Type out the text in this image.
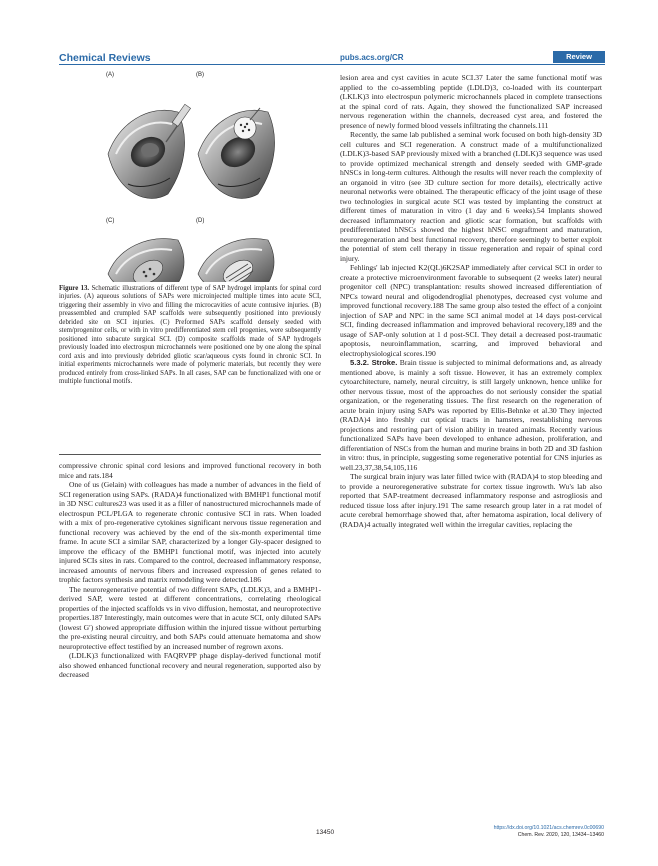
Chemical Reviews	pubs.acs.org/CR	Review
(A)	(B)
(C)	(D)
Figure 13. Schematic illustrations of different type of SAP hydrogel implants for spinal cord injuries. (A) aqueous solutions of SAPs were microinjected multiple times into acute SCI, triggering their assembly in vivo and filling the microcavities of acute contusive injuries. (B) preassembled and crumpled SAP scaffolds were subsequently positioned into previously debrided site on SCI injuries. (C) Preformed SAPs scaffold densely seeded with stem/progenitor cells, or with in vitro predifferentiated stem cell progenies, were subsequently positioned into subacute surgical SCI. (D) composite scaffolds made of SAP hydrogels previously loaded into electrospun microchannels were positioned one by one along the spinal cord axis and into previously debrided gliotic scar/aqueous cysts found in chronic SCI. In initial experiments microchannels were made of polymeric materials, but recently they were produced entirely from cross-linked SAPs. In all cases, SAP can be functionalized with one or multiple functional motifs.

compressive chronic spinal cord lesions and improved functional recovery in both mice and rats.184

One of us (Gelain) with colleagues has made a number of advances in the field of SCI regeneration using SAPs. (RADA)4 functionalized with BMHP1 functional motif in 3D NSC cultures23 was used it as a filler of nanostructured microchannels made of electrospun PCL/PLGA to regenerate chronic contusive SCI in rats. When loaded with a mix of pro-regenerative cytokines significant nervous tissue regeneration and functional recovery was achieved by the end of the six-month experimental time frame. In acute SCI a similar SAP, characterized by a longer Gly-spacer designed to improve the efficacy of the BMHP1 functional motif, was injected into acutely injured SCIs sites in rats. Compared to the control, decreased inflammatory response, increased amounts of nervous fibers and increased expression of genes related to trophic factors synthesis and matrix remodeling were detected.186

The neuroregenerative potential of two different SAPs, (LDLK)3, and a BMHP1-derived SAP, were tested at different concentrations, correlating rheological properties of the injected scaffolds vs in vivo diffusion, hemostat, and neuroprotective properties.187 Interestingly, main outcomes were that in acute SCI, only diluted SAPs (lowest G′) showed appropriate diffusion within the injured tissue without perturbing the pre-existing neural circuitry, and both SAPs could attenuate hematoma and show neuroprotective effect testified by an increased number of regrown axons.

(LDLK)3 functionalized with FAQRVPP phage display-derived functional motif also showed enhanced functional recovery and neural regeneration, supported also by decreased

lesion area and cyst cavities in acute SCI.37 Later the same functional motif was applied to the co-assembling peptide (LDLD)3, co-loaded with its counterpart (LKLK)3 into electrospun polymeric microchannels placed in complete transections at the spinal cord of rats. Again, they showed the functionalized SAP increased nervous regeneration within the channels, decreased cyst area, and fostered the presence of newly formed blood vessels infiltrating the channels.111

Recently, the same lab published a seminal work focused on both high-density 3D cell cultures and SCI regeneration. A construct made of a multifunctionalized (LDLK)3-based SAP previously mixed with a branched (LDLK)3 sequence was used to provide optimized mechanical strength and densely seeded with GMP-grade hNSCs in long-term cultures. Although the results will never reach the complexity of an organoid in vitro (see 3D culture section for more details), electrically active neuronal networks were obtained. The therapeutic efficacy of the joint usage of these two technologies in surgical acute SCI was tested by implanting the construct at different times of maturation in vitro (1 day and 6 weeks).54 Implants showed decreased inflammatory reaction and gliotic scar formation, but scaffolds with predifferentiated hNSCs showed the highest hNSC engraftment and maturation, neuroregeneration and best functional recovery, therefore seemingly to better exploit the potential of stem cell therapy in tissue regeneration and repair of spinal cord injury.

Fehlings' lab injected K2(QL)6K2SAP immediately after cervical SCI in order to create a protective microenvironment favorable to subsequent (2 weeks later) neural progenitor cell (NPC) transplantation: results showed increased differentiation of NPCs toward neural and oligodendroglial phenotypes, decreased cyst volume and improved functional recovery.188 The same group also tested the effect of a conjoint injection of SAP and NPC in the same SCI animal model at 14 days post-cervical SCI, finding decreased inflammation and improved behavioral recovery,189 and the usage of SAP-only solution at 1 d post-SCI. They detail a decreased post-traumatic apoptosis, neuroinflammation, scarring, and improved behavioral and electrophysiological scores.190

5.3.2. Stroke. Brain tissue is subjected to minimal deformations and, as already mentioned above, is mainly a soft tissue. However, it has an extremely complex cytoarchitecture, namely, neural circuitry, is still largely unknown, hence unlike for other nervous tissue, most of the approaches do not seriously consider the spatial organization, or the regenerating tissues. The first research on the regeneration of acute brain injury using SAPs was reported by Ellis-Behnke et al.30 They injected (RADA)4 into freshly cut optical tracts in hamsters, reestablishing nervous projections and restoring part of vision ability in treated animals. Recently various functionalized SAPs have been developed to enhance adhesion, proliferation, and differentiation of NSCs from the human and murine brains in both 2D and 3D fashion in vitro: thus, in principle, suggesting some regenerative potential for CNS injuries as well.23,37,38,54,105,116

The surgical brain injury was later filled twice with (RADA)4 to stop bleeding and to provide a neuroregenerative substrate for cortex tissue ingrowth. Wu's lab also reported that SAP-treatment decreased inflammatory response and astrogliosis and reduced tissue loss after injury.191 The same research group later in a rat model of acute cerebral hemorrhage showed that, after hematoma aspiration, local delivery of (RADA)4 actually integrated well within the irregular cavities, replacing the

13450
https://dx.doi.org/10.1021/acs.chemrev.0c00690
Chem. Rev. 2020, 120, 13434−13460
